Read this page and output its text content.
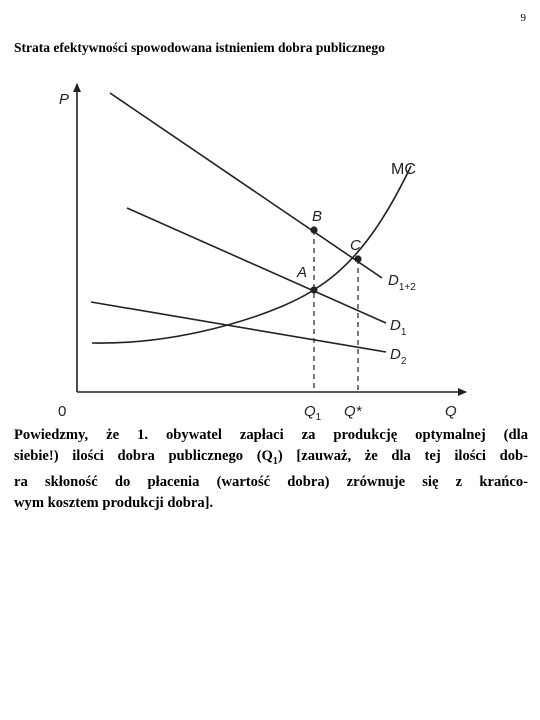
9
Strata efektywności spowodowana istnieniem dobra publicznego
P
Q
0
MC
$D_{1+2}$
$D_1$
$D_2$
B
C
A
$Q_1$ Q*

Powiedzmy, że 1. obywatel zapłaci za produkcję optymalnej (dla
siebie!) ilości dobra publicznego $(Q_1)$ [zauważ, że dla tej ilości dob-
ra skłoność do płacenia (wartość dobra) zrównuje się z krańco-
wym kosztem produkcji dobra].
